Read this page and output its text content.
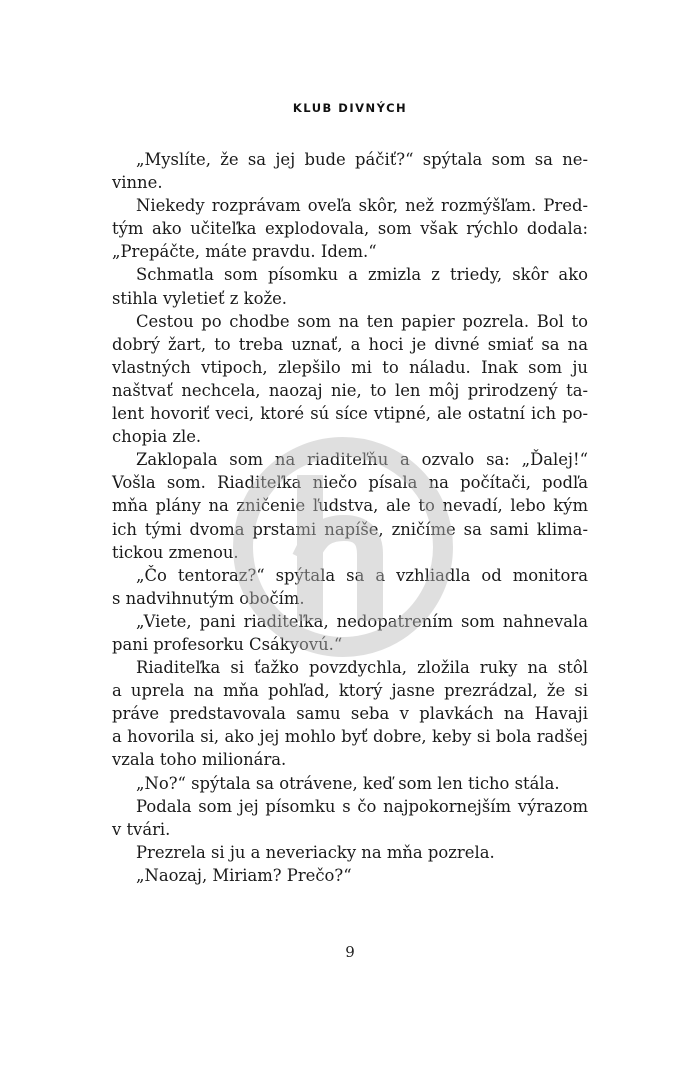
KLUB DIVNÝCH
„Myslíte, že sa jej bude páčiť?“ spýtala som sa ne-
vinne.
Niekedy rozprávam oveľa skôr, než rozmýšľam. Pred-
tým ako učiteľka explodovala, som však rýchlo dodala:
„Prepáčte, máte pravdu. Idem.“
Schmatla som písomku a zmizla z triedy, skôr ako
stihla vyletieť z kože.
Cestou po chodbe som na ten papier pozrela. Bol to
dobrý žart, to treba uznať, a hoci je divné smiať sa na
vlastných vtipoch, zlepšilo mi to náladu. Inak som ju
naštvať nechcela, naozaj nie, to len môj prirodzený ta-
lent hovoriť veci, ktoré sú síce vtipné, ale ostatní ich po-
chopia zle.
Zaklopala som na riaditeľňu a ozvalo sa: „Ďalej!“
Vošla som. Riaditeľka niečo písala na počítači, podľa
mňa plány na zničenie ľudstva, ale to nevadí, lebo kým
ich tými dvoma prstami napíše, zničíme sa sami klima-
tickou zmenou.
„Čo tentoraz?“ spýtala sa a vzhliadla od monitora
s nadvihnutým obočím.
„Viete, pani riaditeľka, nedopatrením som nahnevala
pani profesorku Csákyovú.“
Riaditeľka si ťažko povzdychla, zložila ruky na stôl
a uprela na mňa pohľad, ktorý jasne prezrádzal, že si
práve predstavovala samu seba v plavkách na Havaji
a hovorila si, ako jej mohlo byť dobre, keby si bola radšej
vzala toho milionára.
„No?“ spýtala sa otrávene, keď som len ticho stála.
Podala som jej písomku s čo najpokornejším výrazom
v tvári.
Prezrela si ju a neveriacky na mňa pozrela.
„Naozaj, Miriam? Prečo?“
9
